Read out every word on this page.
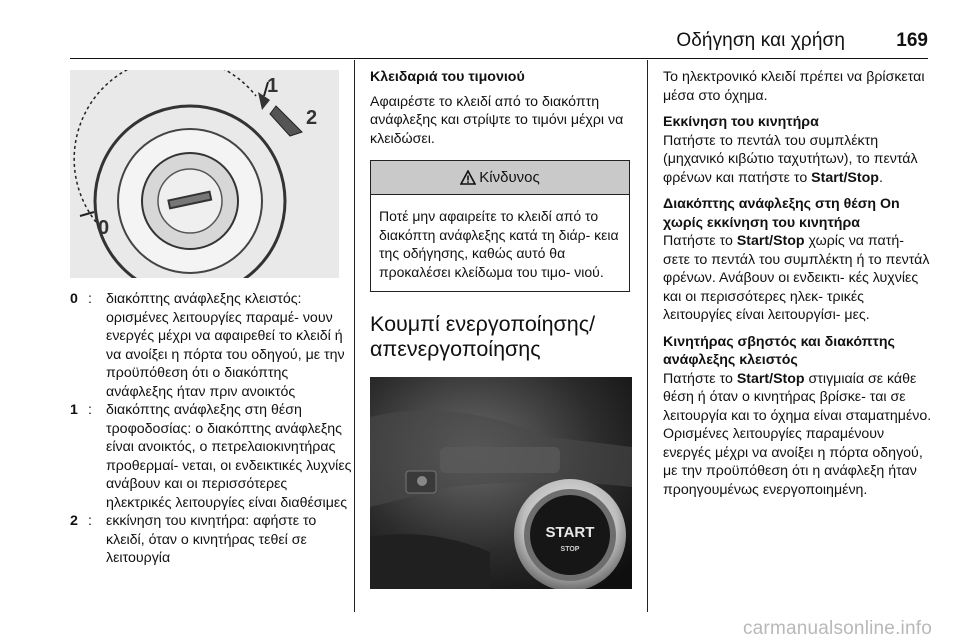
Οδήγηση και χρήση	169
1
2
0
0 : διακόπτης ανάφλεξης κλειστός: ορισμένες λειτουργίες παραμέ- νουν ενεργές μέχρι να αφαιρεθεί το κλειδί ή να ανοίξει η πόρτα του οδηγού, με την προϋπόθεση ότι ο διακόπτης ανάφλεξης ήταν πριν ανοικτός
1 : διακόπτης ανάφλεξης στη θέση τροφοδοσίας: ο διακόπτης ανάφλεξης είναι ανοικτός, ο πετρελαιοκινητήρας προθερμαί- νεται, οι ενδεικτικές λυχνίες ανάβουν και οι περισσότερες ηλεκτρικές λειτουργίες είναι διαθέσιμες
2 : εκκίνηση του κινητήρα: αφήστε το κλειδί, όταν ο κινητήρας τεθεί σε λειτουργία
Κλειδαριά του τιμονιού

Αφαιρέστε το κλειδί από το διακόπτη ανάφλεξης και στρίψτε το τιμόνι μέχρι να κλειδώσει.

Κίνδυνος
Ποτέ μην αφαιρείτε το κλειδί από το διακόπτη ανάφλεξης κατά τη διάρ- κεια της οδήγησης, καθώς αυτό θα προκαλέσει κλείδωμα του τιμο- νιού.
Κουμπί ενεργοποίησης/ απενεργοποίησης
START
STOP

Το ηλεκτρονικό κλειδί πρέπει να βρίσκεται μέσα στο όχημα.

Εκκίνηση του κινητήρα

Πατήστε το πεντάλ του συμπλέκτη (μηχανικό κιβώτιο ταχυτήτων), το πεντάλ φρένων και πατήστε το Start/Stop.

Διακόπτης ανάφλεξης στη θέση On χωρίς εκκίνηση του κινητήρα

Πατήστε το Start/Stop χωρίς να πατή- σετε το πεντάλ του συμπλέκτη ή το πεντάλ φρένων. Ανάβουν οι ενδεικτι- κές λυχνίες και οι περισσότερες ηλεκ- τρικές λειτουργίες είναι λειτουργίσι- μες.

Κινητήρας σβηστός και διακόπτης ανάφλεξης κλειστός

Πατήστε το Start/Stop στιγμιαία σε κάθε θέση ή όταν ο κινητήρας βρίσκε- ται σε λειτουργία και το όχημα είναι σταματημένο. Ορισμένες λειτουργίες παραμένουν ενεργές μέχρι να ανοίξει η πόρτα οδηγού, με την προϋπόθεση ότι η ανάφλεξη ήταν προηγουμένως ενεργοποιημένη.

carmanualsonline.info
